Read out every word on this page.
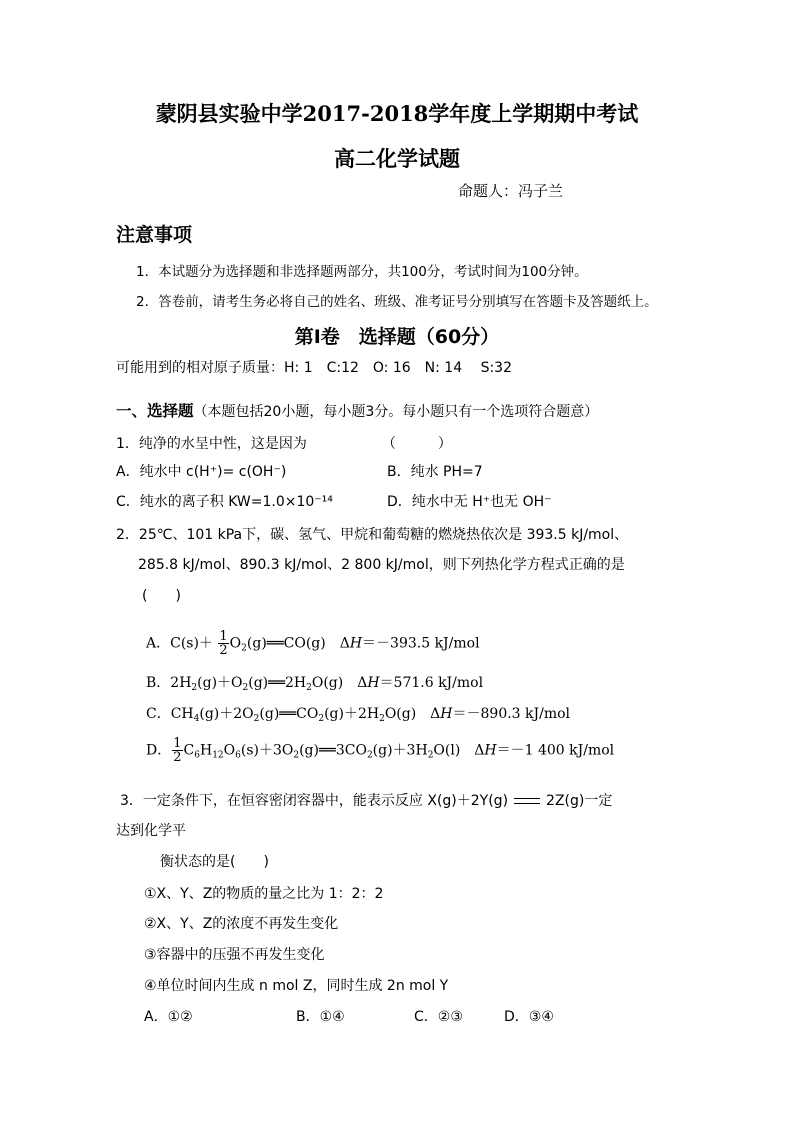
蒙阴县实验中学2017-2018学年度上学期期中考试
高二化学试题
命题人：冯子兰
注意事项
1．本试题分为选择题和非选择题两部分，共100分，考试时间为100分钟。
2．答卷前，请考生务必将自己的姓名、班级、准考证号分别填写在答题卡及答题纸上。
第Ⅰ卷　选择题（60分）
可能用到的相对原子质量：H: 1　C:12　O: 16　N: 14　 S:32
一、选择题（本题包括20小题，每小题3分。每小题只有一个选项符合题意）
1．纯净的水呈中性，这是因为	（　　　）
A．纯水中 c(H⁺)= c(OH⁻)	B．纯水 PH=7
C．纯水的离子积 KW=1.0×10⁻¹⁴	D．纯水中无 H⁺也无 OH⁻
2．25℃、101 kPa下，碳、氢气、甲烷和葡萄糖的燃烧热依次是 393.5 kJ/mol、
285.8 kJ/mol、890.3 kJ/mol、2 800 kJ/mol，则下列热化学方程式正确的是
(　　)
A．$C(s)+ \frac{1}{2}$ $O_2(g)══CO(g)$　ΔH＝－393.5 kJ/mol
B．$2H_2(g)+O_2(g)══2H_2O(g)$　ΔH＝571.6 kJ/mol
C．$CH_4(g)+2O_2(g)══CO_2(g)+2H_2O(g)$　ΔH＝－890.3 kJ/mol
D． $\frac{1}{2}$ $C_6H_{12}O_6(s)+3O_2(g)══3CO_2(g)+3H_2O(l)$　ΔH＝－1 400 kJ/mol
3．一定条件下，在恒容密闭容器中，能表示反应 X(g)＋2Y(g)	2Z(g)一定
达到化学平
衡状态的是(　　)
①X、Y、Z的物质的量之比为 1：2：2
②X、Y、Z的浓度不再发生变化
③容器中的压强不再发生变化
④单位时间内生成 n mol Z，同时生成 2n mol Y
A．①②	B．①④	C．②③	D．③④
